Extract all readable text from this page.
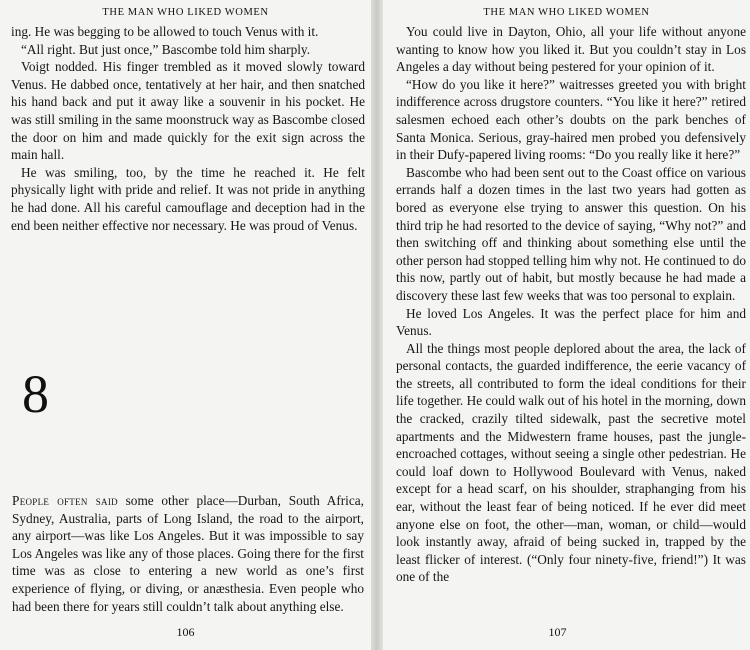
THE MAN WHO LIKED WOMEN

ing. He was begging to be allowed to touch Venus with it.

“All right. But just once,” Bascombe told him sharply.

Voigt nodded. His finger trembled as it moved slowly toward Venus. He dabbed once, tentatively at her hair, and then snatched his hand back and put it away like a souvenir in his pocket. He was still smiling in the same moonstruck way as Bascombe closed the door on him and made quickly for the exit sign across the main hall.

He was smiling, too, by the time he reached it. He felt physically light with pride and relief. It was not pride in anything he had done. All his careful camouflage and deception had in the end been neither effective nor necessary. He was proud of Venus.

8

People often said some other place—Durban, South Africa, Sydney, Australia, parts of Long Island, the road to the airport, any airport—was like Los Angeles. But it was impossible to say Los Angeles was like any of those places. Going there for the first time was as close to entering a new world as one’s first experience of flying, or diving, or anæsthesia. Even people who had been there for years still couldn’t talk about anything else.

106
THE MAN WHO LIKED WOMEN

You could live in Dayton, Ohio, all your life without anyone wanting to know how you liked it. But you couldn’t stay in Los Angeles a day without being pestered for your opinion of it.

“How do you like it here?” waitresses greeted you with bright indifference across drugstore counters. “You like it here?” retired salesmen echoed each other’s doubts on the park benches of Santa Monica. Serious, gray-haired men probed you defensively in their Dufy-papered living rooms: “Do you really like it here?”

Bascombe who had been sent out to the Coast office on various errands half a dozen times in the last two years had gotten as bored as everyone else trying to answer this question. On his third trip he had resorted to the device of saying, “Why not?” and then switching off and thinking about something else until the other person had stopped telling him why not. He continued to do this now, partly out of habit, but mostly because he had made a discovery these last few weeks that was too personal to explain.

He loved Los Angeles. It was the perfect place for him and Venus.

All the things most people deplored about the area, the lack of personal contacts, the guarded indifference, the eerie vacancy of the streets, all contributed to form the ideal conditions for their life together. He could walk out of his hotel in the morning, down the cracked, crazily tilted sidewalk, past the secretive motel apartments and the Midwestern frame houses, past the jungle-encroached cottages, without seeing a single other pedestrian. He could loaf down to Hollywood Boulevard with Venus, naked except for a head scarf, on his shoulder, straphanging from his ear, without the least fear of being noticed. If he ever did meet anyone else on foot, the other—man, woman, or child—would look instantly away, afraid of being sucked in, trapped by the least flicker of interest. (“Only four ninety-five, friend!”) It was one of the

107
